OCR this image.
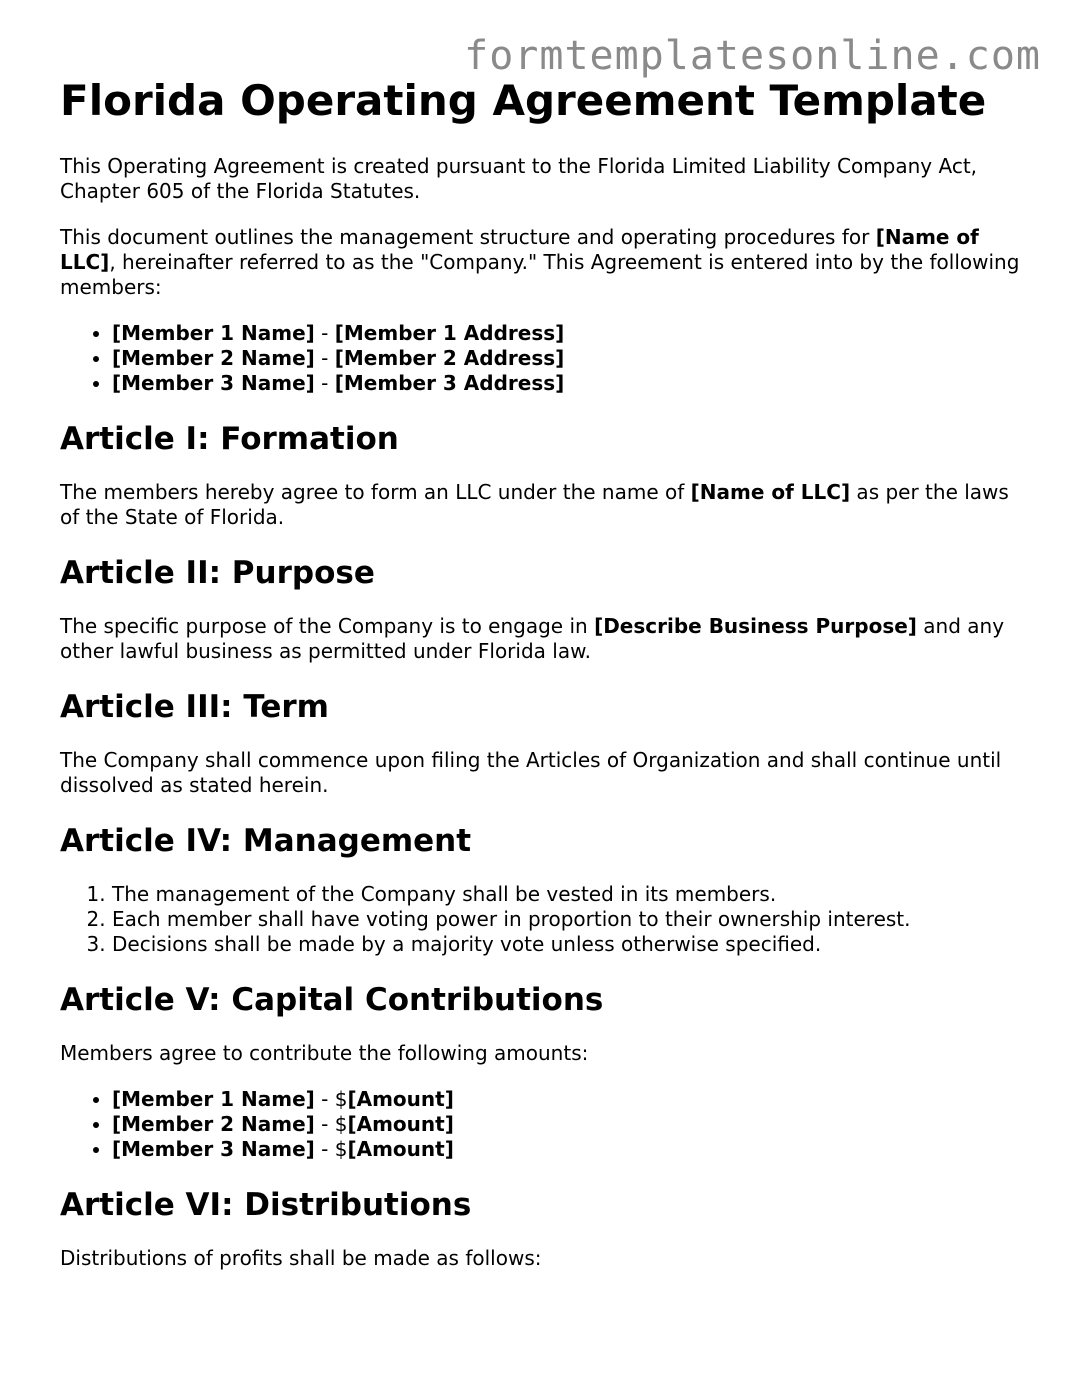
formtemplatesonline.com
Florida Operating Agreement Template

This Operating Agreement is created pursuant to the Florida Limited Liability Company Act, Chapter 605 of the Florida Statutes.

This document outlines the management structure and operating procedures for [Name of LLC], hereinafter referred to as the "Company." This Agreement is entered into by the following members:

• [Member 1 Name] - [Member 1 Address]
• [Member 2 Name] - [Member 2 Address]
• [Member 3 Name] - [Member 3 Address]
Article I: Formation

The members hereby agree to form an LLC under the name of [Name of LLC] as per the laws of the State of Florida.

Article II: Purpose

The specific purpose of the Company is to engage in [Describe Business Purpose] and any other lawful business as permitted under Florida law.

Article III: Term

The Company shall commence upon filing the Articles of Organization and shall continue until dissolved as stated herein.

Article IV: Management
1. The management of the Company shall be vested in its members.
2. Each member shall have voting power in proportion to their ownership interest.
3. Decisions shall be made by a majority vote unless otherwise specified.
Article V: Capital Contributions

Members agree to contribute the following amounts:

• [Member 1 Name] - $[Amount]
• [Member 2 Name] - $[Amount]
• [Member 3 Name] - $[Amount]
Article VI: Distributions

Distributions of profits shall be made as follows:
